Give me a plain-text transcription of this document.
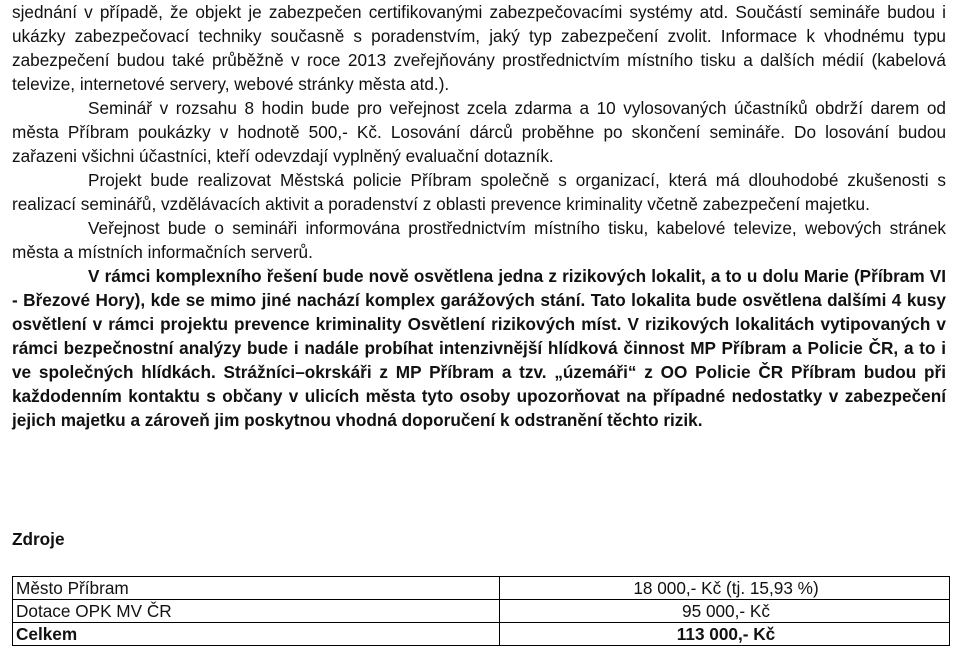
sjednání v případě, že objekt je zabezpečen certifikovanými zabezpečovacími systémy atd. Součástí semináře budou i ukázky zabezpečovací techniky současně s poradenstvím, jaký typ zabezpečení zvolit. Informace k vhodnému typu zabezpečení budou také průběžně v roce 2013 zveřejňovány prostřednictvím místního tisku a dalších médií (kabelová televize, internetové servery, webové stránky města atd.).

Seminář v rozsahu 8 hodin bude pro veřejnost zcela zdarma a 10 vylosovaných účastníků obdrží darem od města Příbram poukázky v hodnotě 500,- Kč. Losování dárců proběhne po skončení semináře. Do losování budou zařazeni všichni účastníci, kteří odevzdají vyplněný evaluační dotazník.

Projekt bude realizovat Městská policie Příbram společně s organizací, která má dlouhodobé zkušenosti s realizací seminářů, vzdělávacích aktivit a poradenství z oblasti prevence kriminality včetně zabezpečení majetku.

Veřejnost bude o semináři informována prostřednictvím místního tisku, kabelové televize, webových stránek města a místních informačních serverů.

V rámci komplexního řešení bude nově osvětlena jedna z rizikových lokalit, a to u dolu Marie (Příbram VI - Březové Hory), kde se mimo jiné nachází komplex garážových stání. Tato lokalita bude osvětlena dalšími 4 kusy osvětlení v rámci projektu prevence kriminality Osvětlení rizikových míst. V rizikových lokalitách vytipovaných v rámci bezpečnostní analýzy bude i nadále probíhat intenzivnější hlídková činnost MP Příbram a Policie ČR, a to i ve společných hlídkách. Strážníci–okrskáři z MP Příbram a tzv. „územáři“ z OO Policie ČR Příbram budou při každodenním kontaktu s občany v ulicích města tyto osoby upozorňovat na případné nedostatky v zabezpečení jejich majetku a zároveň jim poskytnou vhodná doporučení k odstranění těchto rizik.

Zdroje
Město Příbram	18 000,- Kč (tj. 15,93 %)
Dotace OPK MV ČR	95 000,- Kč
Celkem	113 000,- Kč
